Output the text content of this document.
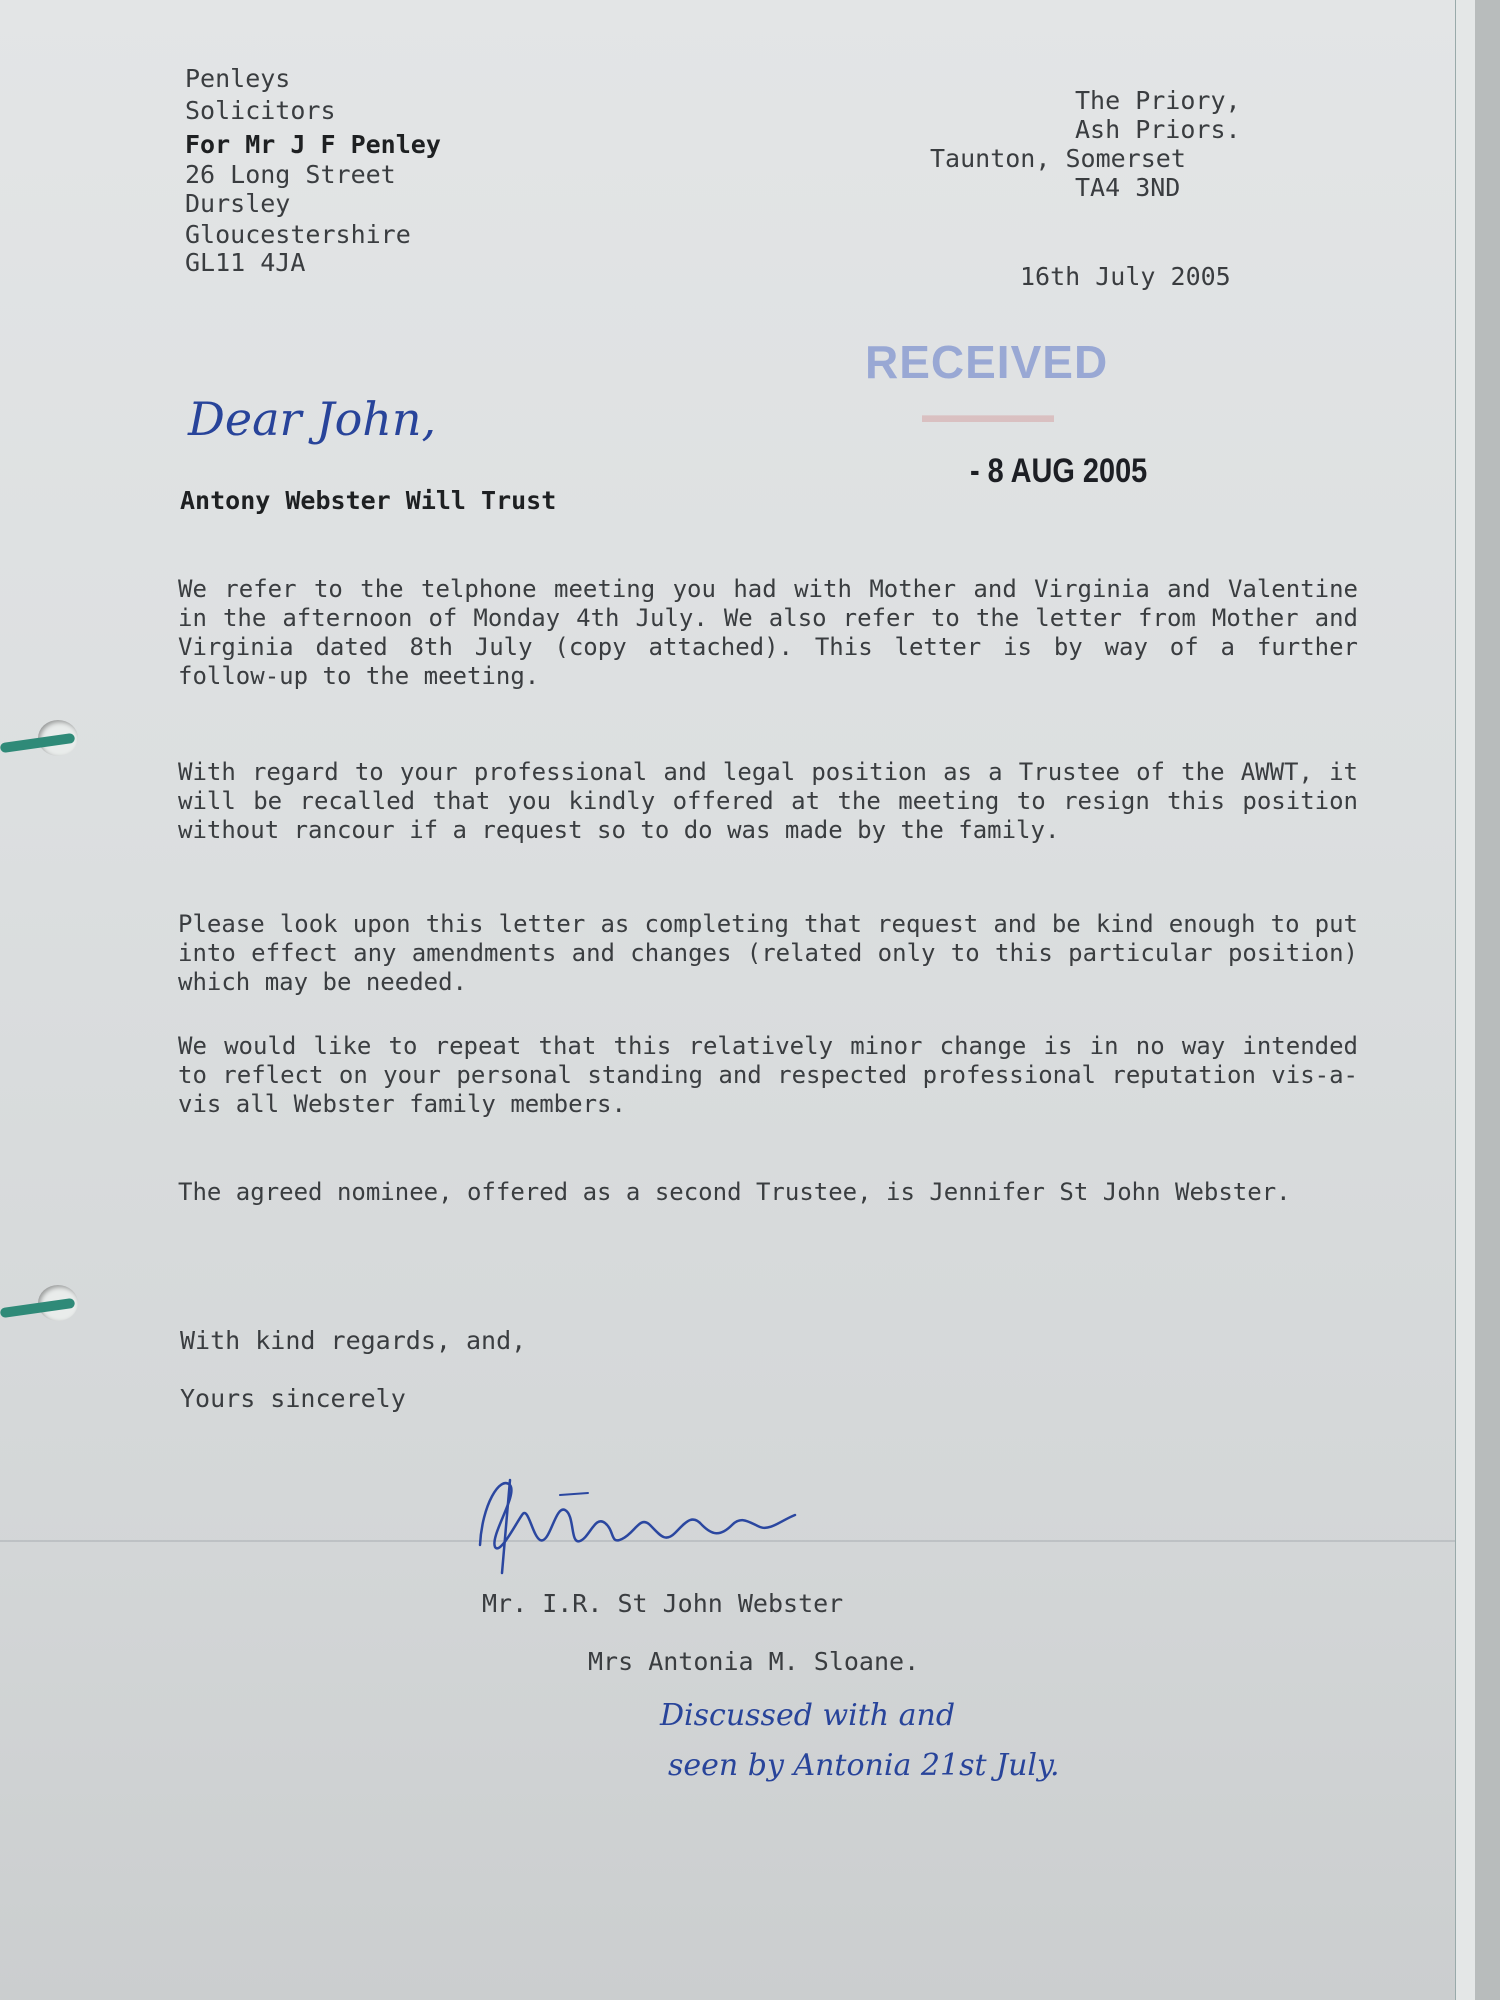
Penleys

Solicitors

For Mr J F Penley

26 Long Street

Dursley

Gloucestershire

GL11 4JA

The Priory,

Ash Priors.

Taunton, Somerset

TA4 3ND

16th July 2005

RECEIVED

▬▬▬▬▬▬

- 8 AUG 2005

Dear John,

Antony Webster Will Trust

We refer to the telphone meeting you had with Mother and Virginia and Valentine in the afternoon of Monday 4th July. We also refer to the letter from Mother and Virginia dated 8th July (copy attached). This letter is by way of a further follow-up to the meeting.

With regard to your professional and legal position as a Trustee of the AWWT, it will be recalled that you kindly offered at the meeting to resign this position without rancour if a request so to do was made by the family.

Please look upon this letter as completing that request and be kind enough to put into effect any amendments and changes (related only to this particular position) which may be needed.

We would like to repeat that this relatively minor change is in no way intended to reflect on your personal standing and respected professional reputation vis-a-vis all Webster family members.

The agreed nominee, offered as a second Trustee, is Jennifer St John Webster.

With kind regards, and,

Yours sincerely

Mr. I.R. St John Webster

Mrs Antonia M. Sloane.

Discussed with and

seen by Antonia 21st July.
